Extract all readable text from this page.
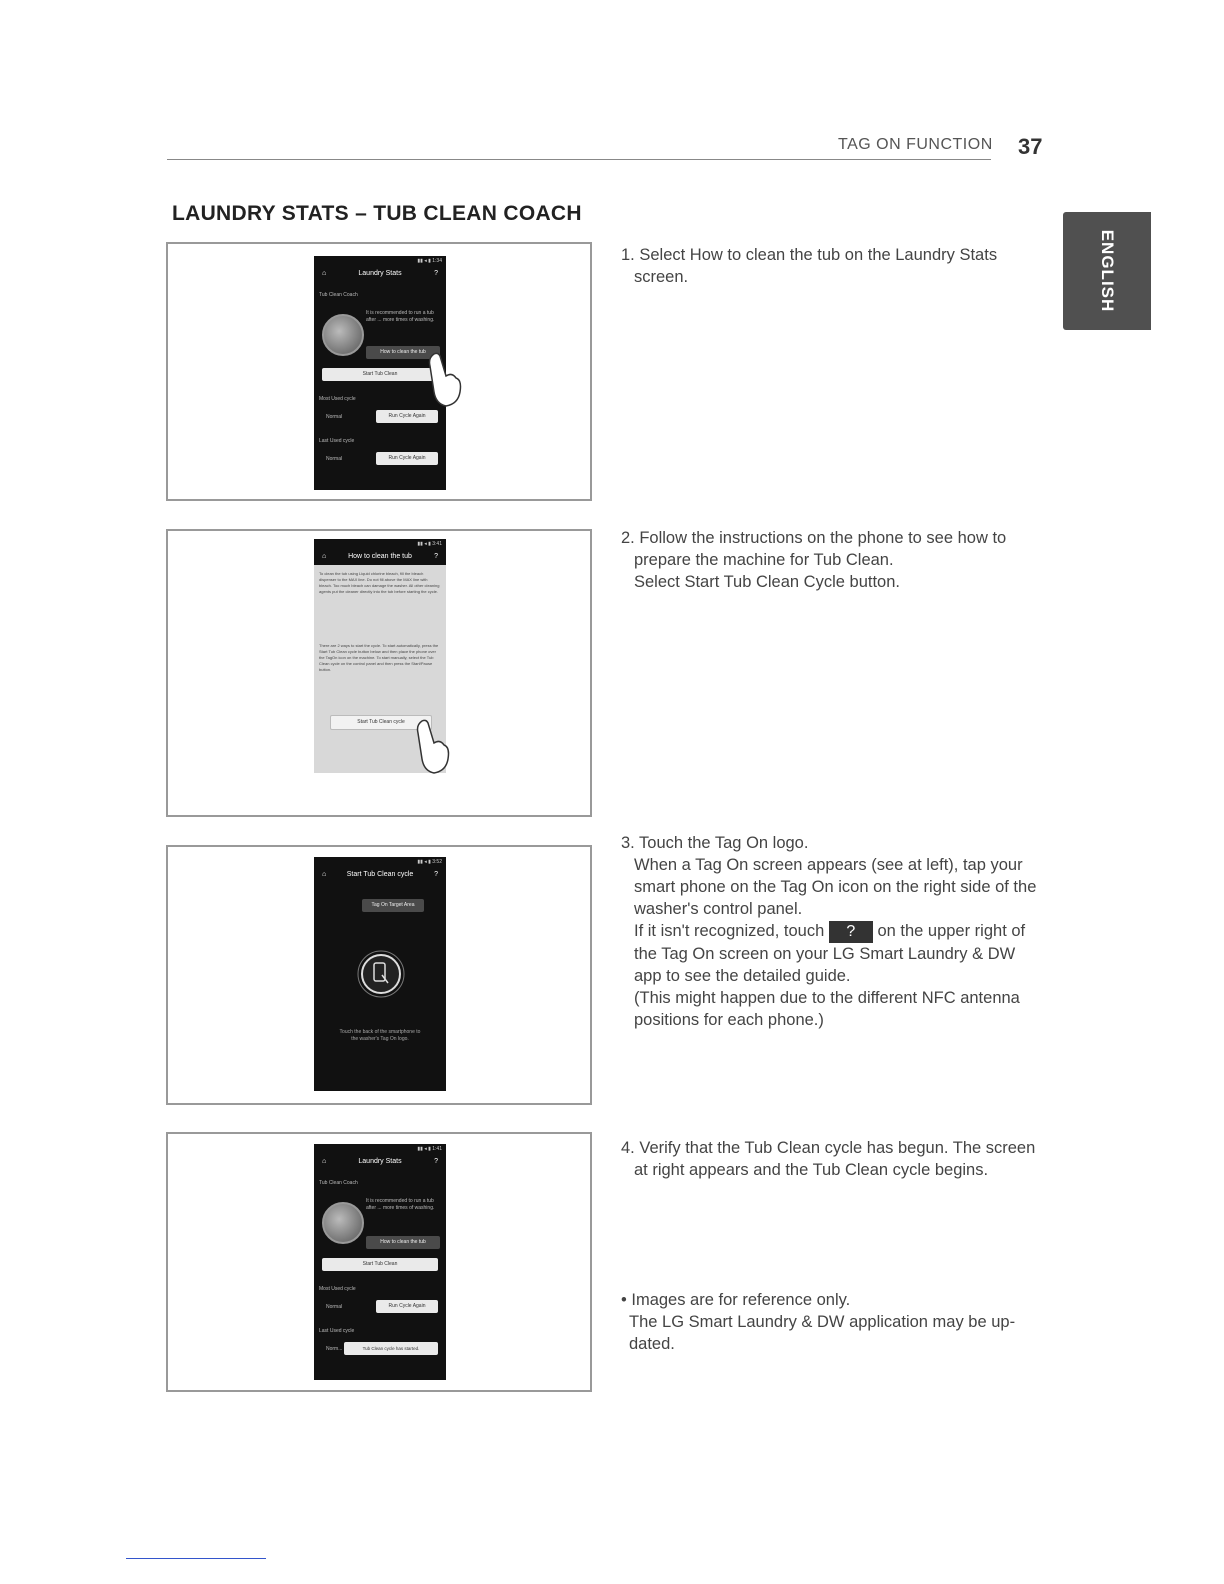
TAG ON FUNCTION 37
ENGLISH
LAUNDRY STATS – TUB CLEAN COACH
▮▮ ◂ ▮ 1:34
⌂	Laundry Stats	?
Tub Clean Coach
It is recommended to run a tub after ... more times of washing.
How to clean the tub
Start Tub Clean
Most Used cycle
Normal	Run Cycle Again
Last Used cycle
Normal	Run Cycle Again
▮▮ ◂ ▮ 3:41
⌂	How to clean the tub	?
To clean the tub using Liquid chlorine bleach, fill the bleach dispenser to the MAX line. Do not fill above the MAX line with bleach. Too much bleach can damage the washer. All other cleaning agents put the cleaner directly into the tub before starting the cycle.
There are 2 ways to start the cycle. To start automatically, press the Start Tub Clean cycle button below and then place the phone over the TagOn icon on the machine. To start manually, select the Tub Clean cycle on the control panel and then press the Start/Pause button.
Start Tub Clean cycle
▮▮ ◂ ▮ 3:52
⌂	Start Tub Clean cycle	?
Tag On Target Area
Touch the back of the smartphone to the washer's Tag On logo.
▮▮ ◂ ▮ 1:41
⌂	Laundry Stats	?
Tub Clean Coach
It is recommended to run a tub after ... more times of washing.
How to clean the tub
Start Tub Clean
Most Used cycle
Normal	Run Cycle Again
Last Used cycle
Norm...	Tub Clean cycle has started.

1. Select How to clean the tub on the Laundry Stats

screen.

2. Follow the instructions on the phone to see how to

prepare the machine for Tub Clean.

Select Start Tub Clean Cycle button.

3. Touch the Tag On logo.

When a Tag On screen appears (see at left), tap your

smart phone on the Tag On icon on the right side of the

washer's control panel.

If it isn't recognized, touch ? on the upper right of

the Tag On screen on your LG Smart Laundry & DW

app to see the detailed guide.

(This might happen due to the different NFC antenna

positions for each phone.)

4. Verify that the Tub Clean cycle has begun. The screen

at right appears and the Tub Clean cycle begins.

• Images are for reference only.

The LG Smart Laundry & DW application may be up-

dated.
